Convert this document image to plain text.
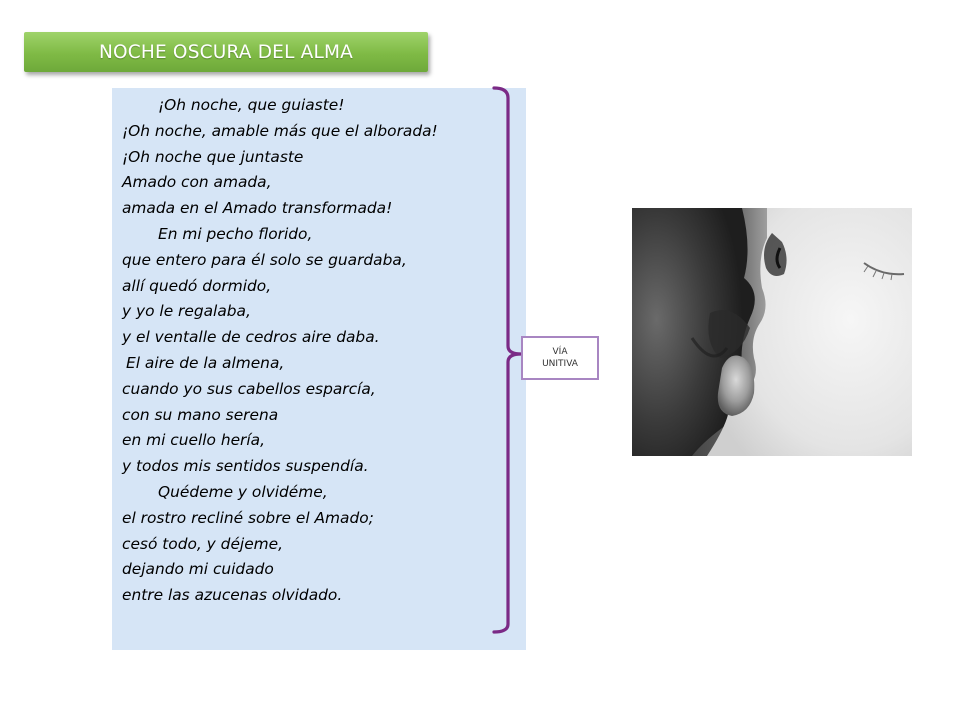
NOCHE OSCURA DEL ALMA
¡Oh noche, que guiaste!
¡Oh noche, amable más que el alborada!
¡Oh noche que juntaste
Amado con amada,
amada en el Amado transformada!
En mi pecho florido,
que entero para él solo se guardaba,
allí quedó dormido,
y yo le regalaba,
y el ventalle de cedros aire daba.
El aire de la almena,
cuando yo sus cabellos esparcía,
con su mano serena
en mi cuello hería,
y todos mis sentidos suspendía.
Quédeme y olvidéme,
el rostro recliné sobre el Amado;
cesó todo, y déjeme,
dejando mi cuidado
entre las azucenas olvidado.
VÍA
UNITIVA
